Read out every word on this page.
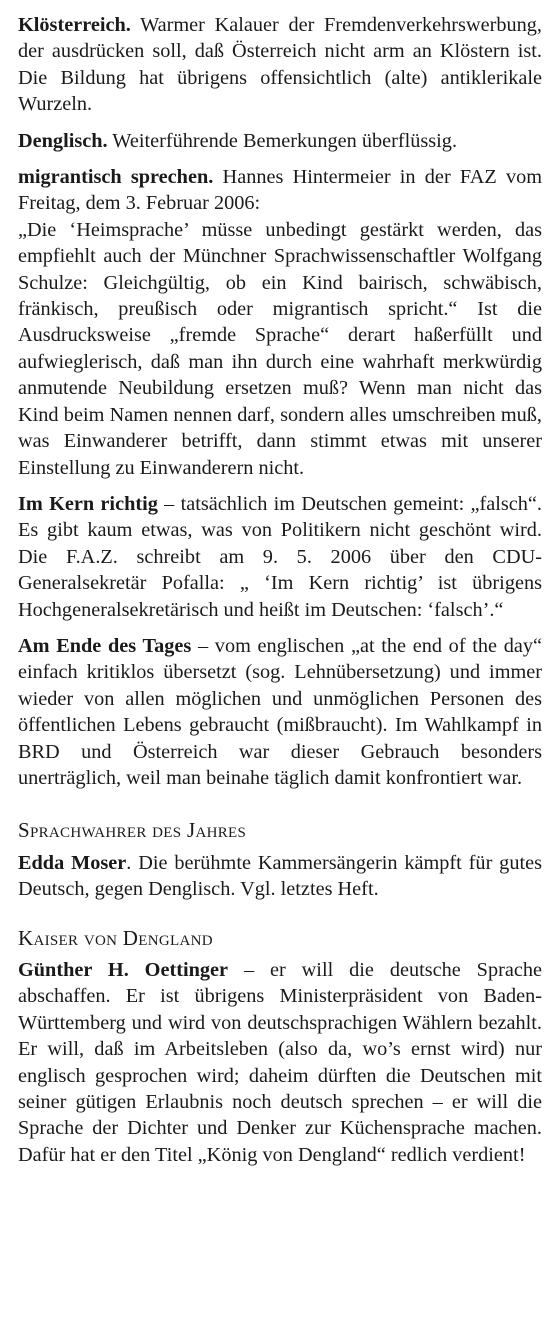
Klösterreich. Warmer Kalauer der Fremdenverkehrswerbung, der ausdrücken soll, daß Österreich nicht arm an Klöstern ist. Die Bildung hat übrigens offensichtlich (alte) antiklerikale Wurzeln.

Denglisch. Weiterführende Bemerkungen überflüssig.

migrantisch sprechen. Hannes Hintermeier in der FAZ vom Freitag, dem 3. Februar 2006:

„Die ‘Heimsprache’ müsse unbedingt gestärkt werden, das empfiehlt auch der Münchner Sprachwissenschaftler Wolfgang Schulze: Gleichgültig, ob ein Kind bairisch, schwäbisch, fränkisch, preußisch oder migrantisch spricht.“ Ist die Ausdrucksweise „fremde Sprache“ derart haßerfüllt und aufwieglerisch, daß man ihn durch eine wahrhaft merkwürdig anmutende Neubildung ersetzen muß? Wenn man nicht das Kind beim Namen nennen darf, sondern alles umschreiben muß, was Einwanderer betrifft, dann stimmt etwas mit unserer Einstellung zu Einwanderern nicht.

Im Kern richtig – tatsächlich im Deutschen gemeint: „falsch“. Es gibt kaum etwas, was von Politikern nicht geschönt wird. Die F.A.Z. schreibt am 9. 5. 2006 über den CDU-Generalsekretär Pofalla: „ ‘Im Kern richtig’ ist übrigens Hochgeneralsekretärisch und heißt im Deutschen: ‘falsch’.“

Am Ende des Tages – vom englischen „at the end of the day“ einfach kritiklos übersetzt (sog. Lehnübersetzung) und immer wieder von allen möglichen und unmöglichen Personen des öffentlichen Lebens gebraucht (mißbraucht). Im Wahlkampf in BRD und Österreich war dieser Gebrauch besonders unerträglich, weil man beinahe täglich damit konfrontiert war.

Sprachwahrer des Jahres

Edda Moser. Die berühmte Kammersängerin kämpft für gutes Deutsch, gegen Denglisch. Vgl. letztes Heft.

Kaiser von Dengland

Günther H. Oettinger – er will die deutsche Sprache abschaffen. Er ist übrigens Ministerpräsident von Baden-Württemberg und wird von deutschsprachigen Wählern bezahlt. Er will, daß im Arbeitsleben (also da, wo’s ernst wird) nur englisch gesprochen wird; daheim dürften die Deutschen mit seiner gütigen Erlaubnis noch deutsch sprechen – er will die Sprache der Dichter und Denker zur Küchensprache machen. Dafür hat er den Titel „König von Dengland“ redlich verdient!
